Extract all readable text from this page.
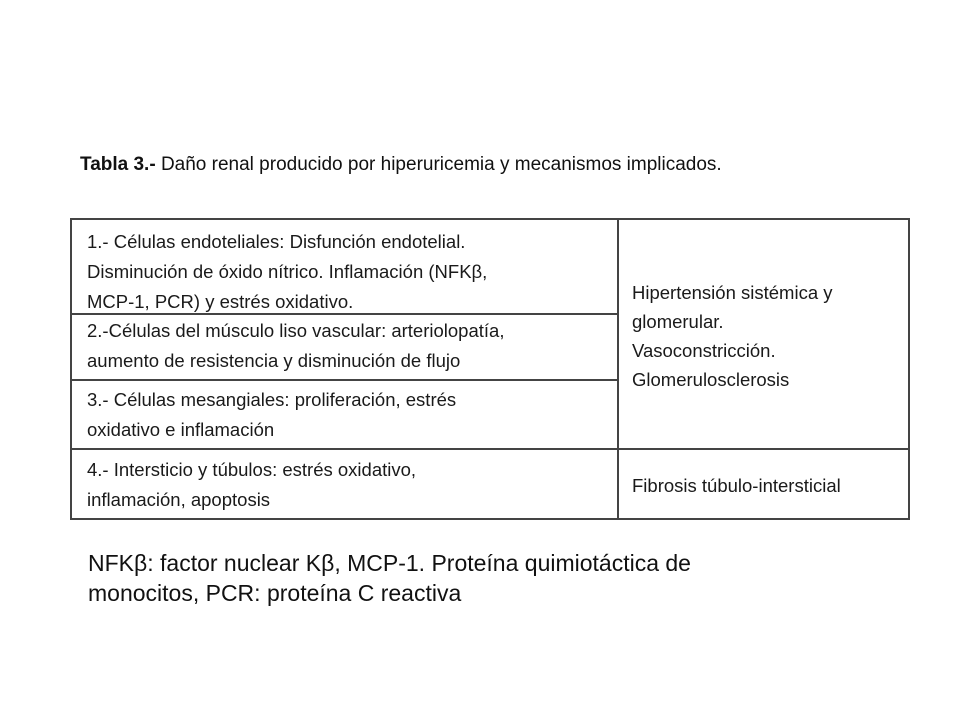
Tabla 3.- Daño renal producido por hiperuricemia y mecanismos implicados.
1.- Células endoteliales: Disfunción endotelial.
Disminución de óxido nítrico. Inflamación (NFKβ,
MCP-1, PCR) y estrés oxidativo.
2.-Células del músculo liso vascular: arteriolopatía,
aumento de resistencia y disminución de flujo
3.- Células mesangiales: proliferación, estrés
oxidativo e inflamación
4.- Intersticio y túbulos: estrés oxidativo,
inflamación, apoptosis
Hipertensión sistémica y
glomerular.
Vasoconstricción.
Glomerulosclerosis
Fibrosis túbulo-intersticial
NFKβ: factor nuclear Kβ, MCP-1. Proteína quimiotáctica de
monocitos, PCR: proteína C reactiva
